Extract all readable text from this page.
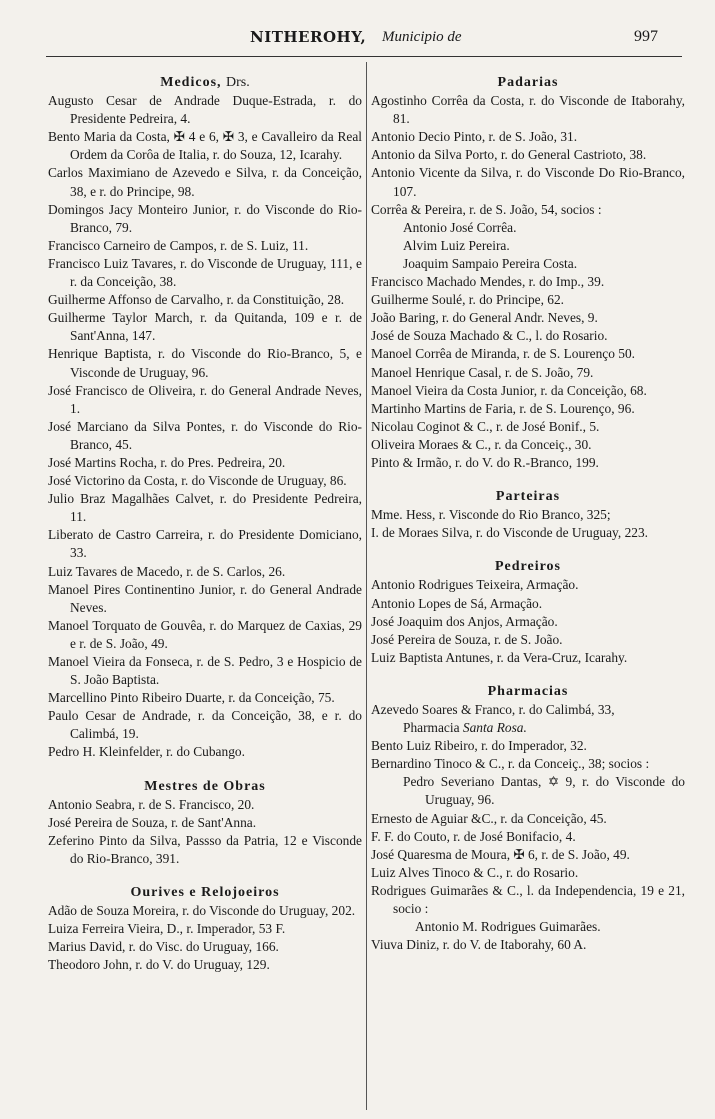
NITHEROHY, Municipio de	997
Medicos, Drs.
Augusto Cesar de Andrade Duque-Estrada, r. do Presidente Pedreira, 4.
Bento Maria da Costa, ✠ 4 e 6, ✠ 3, e Cavalleiro da Real Ordem da Corôa de Italia, r. do Souza, 12, Icarahy.
Carlos Maximiano de Azevedo e Silva, r. da Conceição, 38, e r. do Principe, 98.
Domingos Jacy Monteiro Junior, r. do Visconde do Rio-Branco, 79.
Francisco Carneiro de Campos, r. de S. Luiz, 11.
Francisco Luiz Tavares, r. do Visconde de Uruguay, 111, e r. da Conceição, 38.
Guilherme Affonso de Carvalho, r. da Constituição, 28.
Guilherme Taylor March, r. da Quitanda, 109 e r. de Sant'Anna, 147.
Henrique Baptista, r. do Visconde do Rio-Branco, 5, e Visconde de Uruguay, 96.
José Francisco de Oliveira, r. do General Andrade Neves, 1.
José Marciano da Silva Pontes, r. do Visconde do Rio-Branco, 45.
José Martins Rocha, r. do Pres. Pedreira, 20.
José Victorino da Costa, r. do Visconde de Uruguay, 86.
Julio Braz Magalhães Calvet, r. do Presidente Pedreira, 11.
Liberato de Castro Carreira, r. do Presidente Domiciano, 33.
Luiz Tavares de Macedo, r. de S. Carlos, 26.
Manoel Pires Continentino Junior, r. do General Andrade Neves.
Manoel Torquato de Gouvêa, r. do Marquez de Caxias, 29 e r. de S. João, 49.
Manoel Vieira da Fonseca, r. de S. Pedro, 3 e Hospicio de S. João Baptista.
Marcellino Pinto Ribeiro Duarte, r. da Conceição, 75.
Paulo Cesar de Andrade, r. da Conceição, 38, e r. do Calimbá, 19.
Pedro H. Kleinfelder, r. do Cubango.
Mestres de Obras
Antonio Seabra, r. de S. Francisco, 20.
José Pereira de Souza, r. de Sant'Anna.
Zeferino Pinto da Silva, Passso da Patria, 12 e Visconde do Rio-Branco, 391.
Ourives e Relojoeiros
Adão de Souza Moreira, r. do Visconde do Uruguay, 202.
Luiza Ferreira Vieira, D., r. Imperador, 53 F.
Marius David, r. do Visc. do Uruguay, 166.
Theodoro John, r. do V. do Uruguay, 129.
Padarias
Agostinho Corrêa da Costa, r. do Visconde de Itaborahy, 81.
Antonio Decio Pinto, r. de S. João, 31.
Antonio da Silva Porto, r. do General Castrioto, 38.
Antonio Vicente da Silva, r. do Visconde Do Rio-Branco, 107.
Corrêa & Pereira, r. de S. João, 54, socios :
Antonio José Corrêa.
Alvim Luiz Pereira.
Joaquim Sampaio Pereira Costa.
Francisco Machado Mendes, r. do Imp., 39.
Guilherme Soulé, r. do Principe, 62.
João Baring, r. do General Andr. Neves, 9.
José de Souza Machado & C., l. do Rosario.
Manoel Corrêa de Miranda, r. de S. Lourenço 50.
Manoel Henrique Casal, r. de S. João, 79.
Manoel Vieira da Costa Junior, r. da Conceição, 68.
Martinho Martins de Faria, r. de S. Lourenço, 96.
Nicolau Coginot & C., r. de José Bonif., 5.
Oliveira Moraes & C., r. da Conceiç., 30.
Pinto & Irmão, r. do V. do R.-Branco, 199.
Parteiras
Mme. Hess, r. Visconde do Rio Branco, 325;
I. de Moraes Silva, r. do Visconde de Uruguay, 223.
Pedreiros
Antonio Rodrigues Teixeira, Armação.
Antonio Lopes de Sá, Armação.
José Joaquim dos Anjos, Armação.
José Pereira de Souza, r. de S. João.
Luiz Baptista Antunes, r. da Vera-Cruz, Icarahy.
Pharmacias
Azevedo Soares & Franco, r. do Calimbá, 33,
Pharmacia Santa Rosa.
Bento Luiz Ribeiro, r. do Imperador, 32.
Bernardino Tinoco & C., r. da Conceiç., 38; socios :
Pedro Severiano Dantas, ✡ 9, r. do Visconde do Uruguay, 96.
Ernesto de Aguiar &C., r. da Conceição, 45.
F. F. do Couto, r. de José Bonifacio, 4.
José Quaresma de Moura, ✠ 6, r. de S. João, 49.
Luiz Alves Tinoco & C., r. do Rosario.
Rodrigues Guimarães & C., l. da Independencia, 19 e 21, socio :
Antonio M. Rodrigues Guimarães.
Viuva Diniz, r. do V. de Itaborahy, 60 A.
